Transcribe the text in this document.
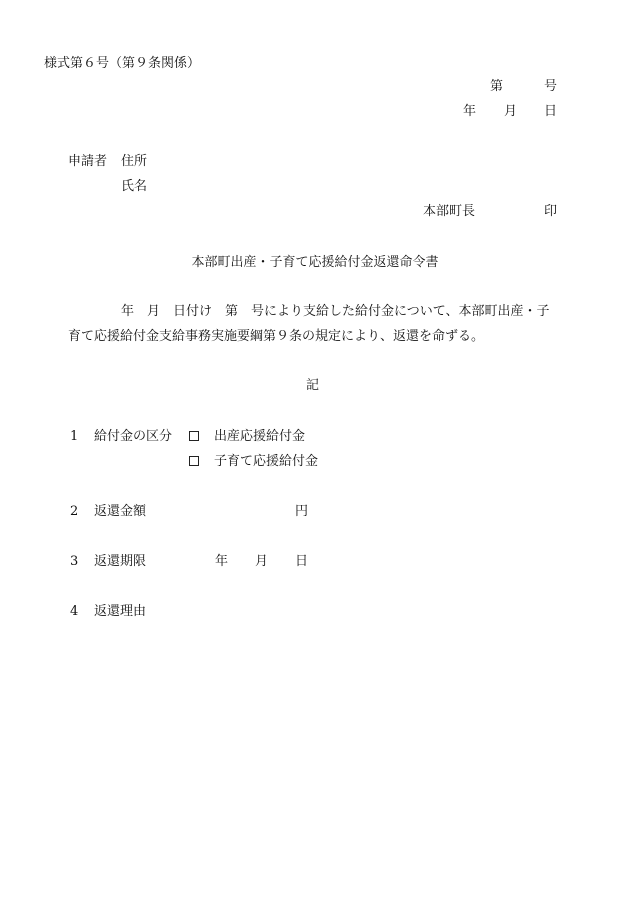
様式第６号（第９条関係）
第	号
年 月 日
申請者 住所
氏名
本部町長	印
本部町出産・子育て応援給付金返還命令書
年　月　日付け　第　号により支給した給付金について、本部町出産・子
育て応援給付金支給事務実施要綱第９条の規定により、返還を命ずる。
記
1 給付金の区分	出産応援給付金
子育て応援給付金
2 返還金額	円
3 返還期限	年 月 日
4 返還理由
